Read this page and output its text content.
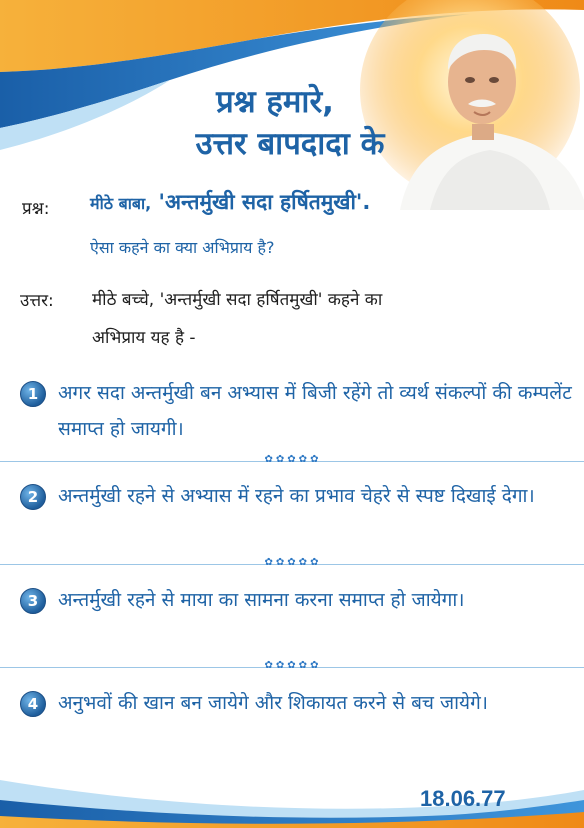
प्रश्न हमारे,
उत्तर बापदादा के
प्रश्न:	मीठे बाबा, 'अन्तर्मुखी सदा हर्षितमुखी'.
ऐसा कहने का क्या अभिप्राय है?
उत्तर: मीठे बच्चे, 'अन्तर्मुखी सदा हर्षितमुखी' कहने का
अभिप्राय यह है -
1	अगर सदा अन्तर्मुखी बन अभ्यास में बिजी रहेंगे तो व्यर्थ संकल्पों की कम्पलेंट समाप्त हो जायगी।
✿✿✿✿✿
2	अन्तर्मुखी रहने से अभ्यास में रहने का प्रभाव चेहरे से स्पष्ट दिखाई देगा।
✿✿✿✿✿
3	अन्तर्मुखी रहने से माया का सामना करना समाप्त हो जायेगा।
✿✿✿✿✿
4	अनुभवों की खान बन जायेगे और शिकायत करने से बच जायेगे।
18.06.77
